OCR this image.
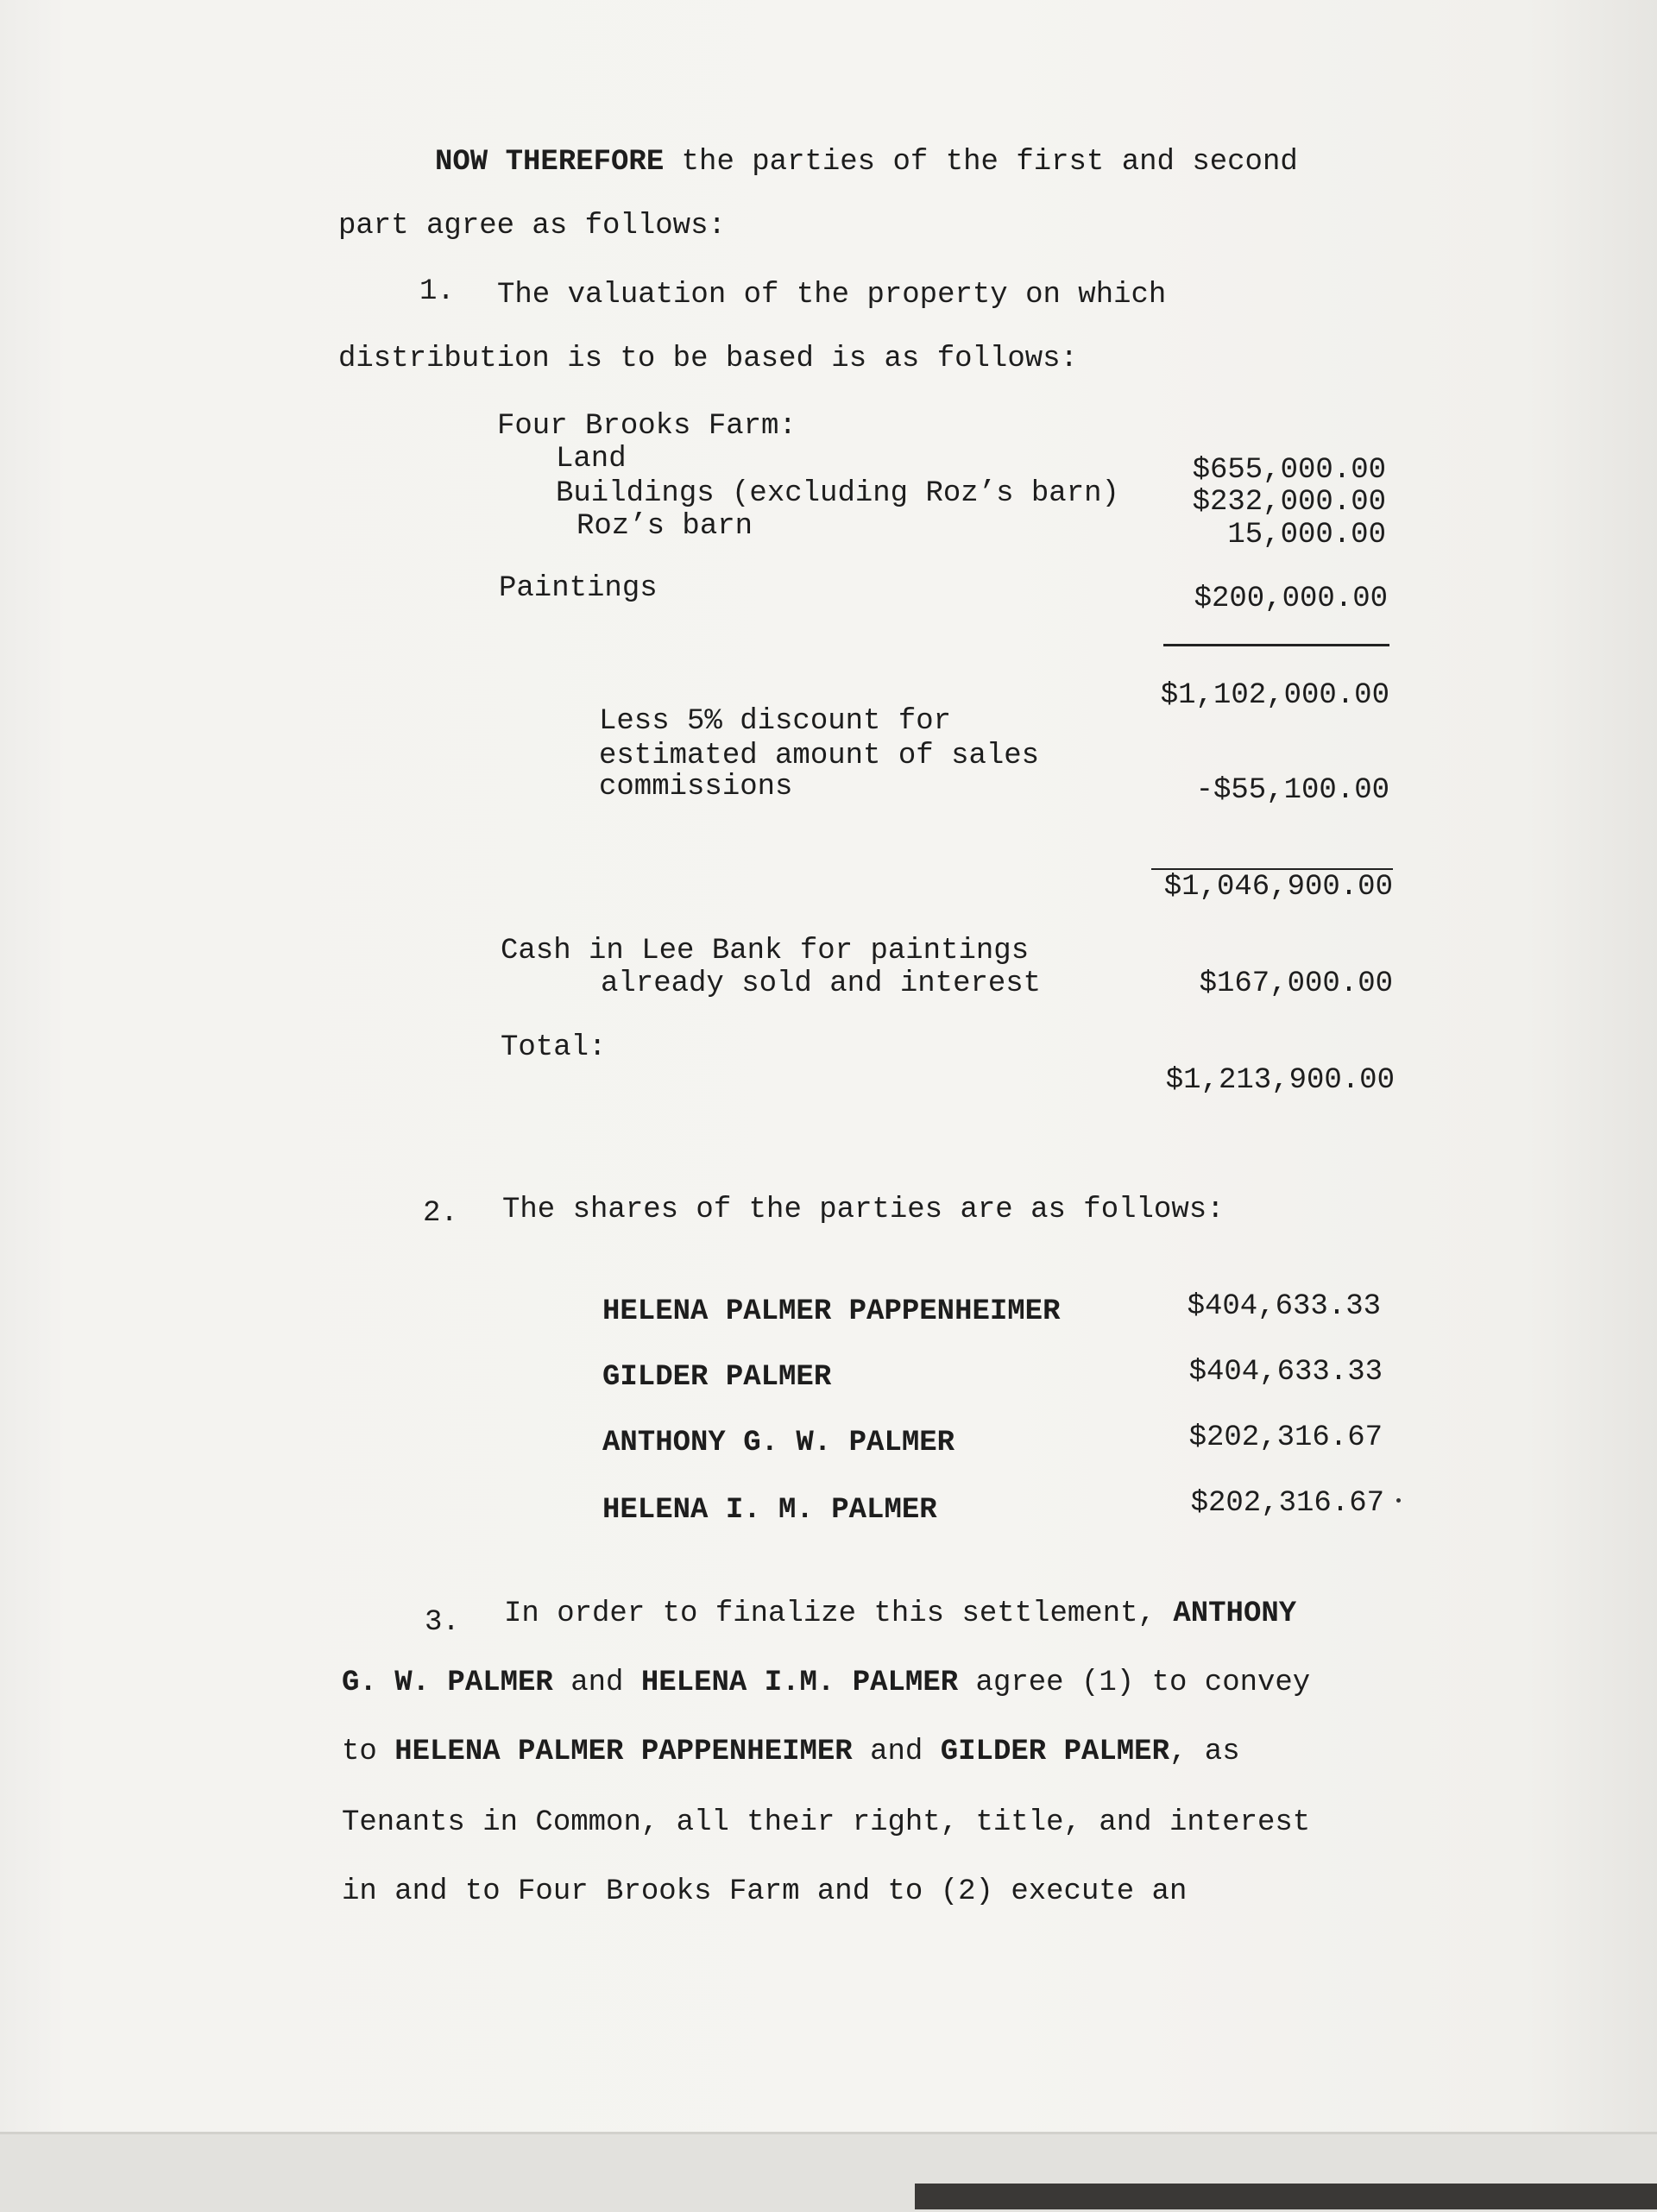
NOW THEREFORE the parties of the first and second
part agree as follows:
1. The valuation of the property on which
distribution is to be based is as follows:
Four Brooks Farm:
Land	$655,000.00
Buildings (excluding Roz’s barn)	$232,000.00
Roz’s barn	15,000.00
Paintings	$200,000.00
$1,102,000.00
Less 5% discount for
estimated amount of sales
commissions	-$55,100.00
$1,046,900.00
Cash in Lee Bank for paintings
already sold and interest	$167,000.00
Total:
$1,213,900.00
2. The shares of the parties are as follows:
HELENA PALMER PAPPENHEIMER	$404,633.33
GILDER PALMER	$404,633.33
ANTHONY G. W. PALMER	$202,316.67
HELENA I. M. PALMER	$202,316.67
3. In order to finalize this settlement, ANTHONY
G. W. PALMER and HELENA I.M. PALMER agree (1) to convey
to HELENA PALMER PAPPENHEIMER and GILDER PALMER, as
Tenants in Common, all their right, title, and interest
in and to Four Brooks Farm and to (2) execute an
